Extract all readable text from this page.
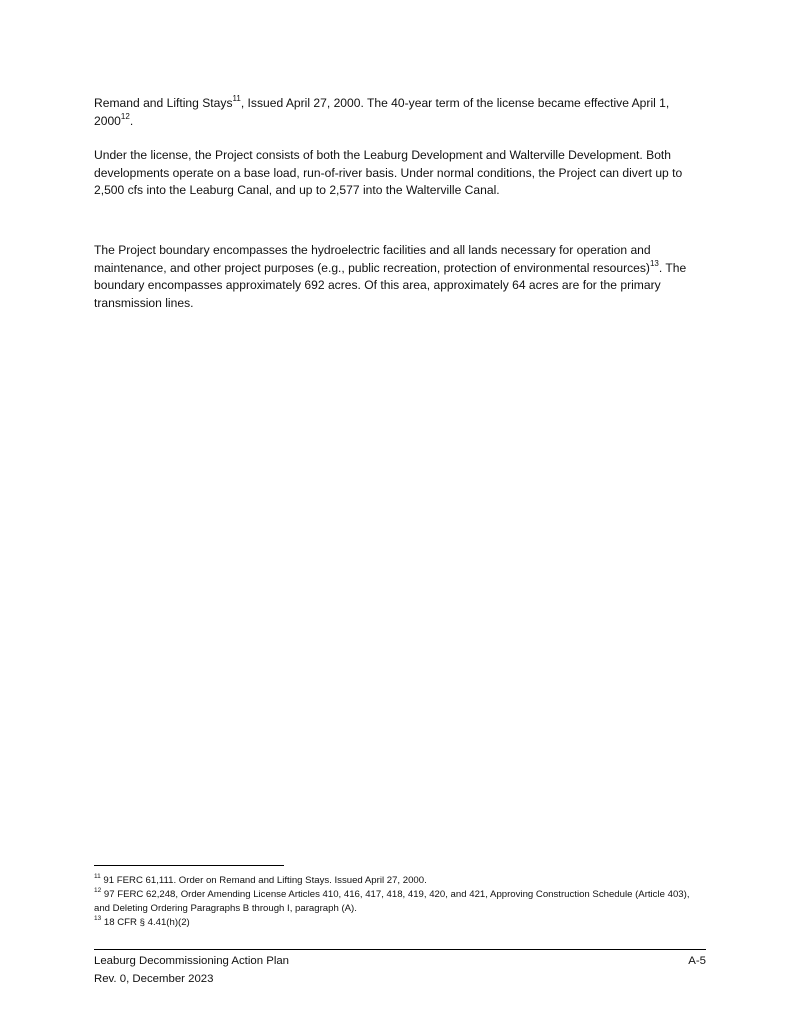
Remand and Lifting Stays$^{11}$, Issued April 27, 2000. The 40-year term of the license became effective April 1, 2000$^{12}$.

Under the license, the Project consists of both the Leaburg Development and Walterville Development. Both developments operate on a base load, run-of-river basis. Under normal conditions, the Project can divert up to 2,500 cfs into the Leaburg Canal, and up to 2,577 into the Walterville Canal.

The Project boundary encompasses the hydroelectric facilities and all lands necessary for operation and maintenance, and other project purposes (e.g., public recreation, protection of environmental resources)$^{13}$. The boundary encompasses approximately 692 acres. Of this area, approximately 64 acres are for the primary transmission lines.

$^{11}$ 91 FERC 61,111. Order on Remand and Lifting Stays. Issued April 27, 2000.

$^{12}$ 97 FERC 62,248, Order Amending License Articles 410, 416, 417, 418, 419, 420, and 421, Approving Construction Schedule (Article 403), and Deleting Ordering Paragraphs B through I, paragraph (A).

$^{13}$ 18 CFR § 4.41(h)(2)

Leaburg Decommissioning Action Plan	A-5
Rev. 0, December 2023
